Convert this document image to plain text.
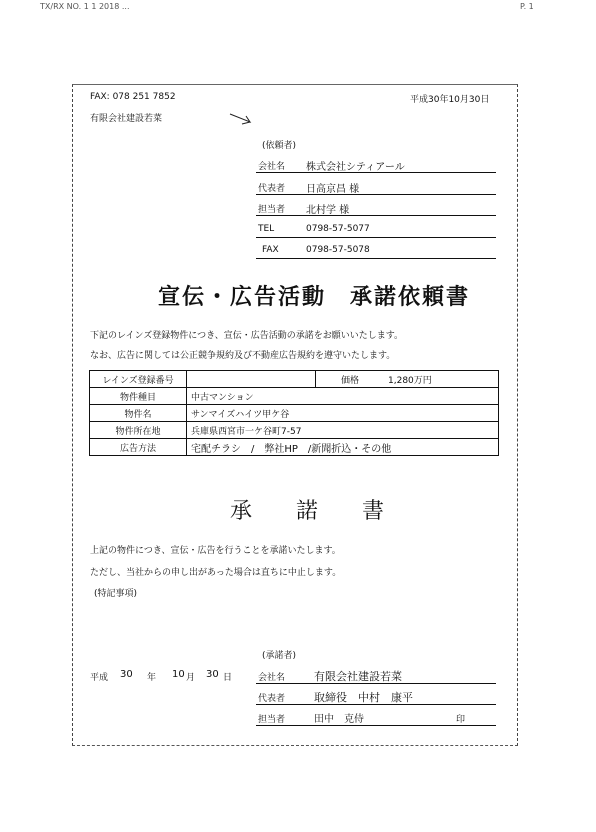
TX/RX NO. 1 1 2018 ...	P. 1
FAX: 078 251 7852	平成30年10月30日
有限会社建設若菜
(依頼者)
会社名 株式会社シティアール
代表者 日高京昌 様
担当者 北村学 様
TEL	0798-57-5077
FAX	0798-57-5078
宣伝・広告活動　承諾依頼書
下記のレインズ登録物件につき、宣伝・広告活動の承諾をお願いいたします。
なお、広告に関しては公正競争規約及び不動産広告規約を遵守いたします。
レインズ登録番号		価格	1,280万円
物件種目	中古マンション		
物件名	サンマイズハイツ甲ケ谷		
物件所在地	兵庫県西宮市一ケ谷町7-57		
広告方法	宅配チラシ　/　弊社HP　/新聞折込・その他		
承　　諾　　書
上記の物件につき、宣伝・広告を行うことを承諾いたします。
ただし、当社からの申し出があった場合は直ちに中止します。
(特記事項)
(承諾者)
平成 30 年 10 月 30 日	会社名	有限会社建設若菜
代表者	取締役　中村　康平
担当者	田中　克侍	印
